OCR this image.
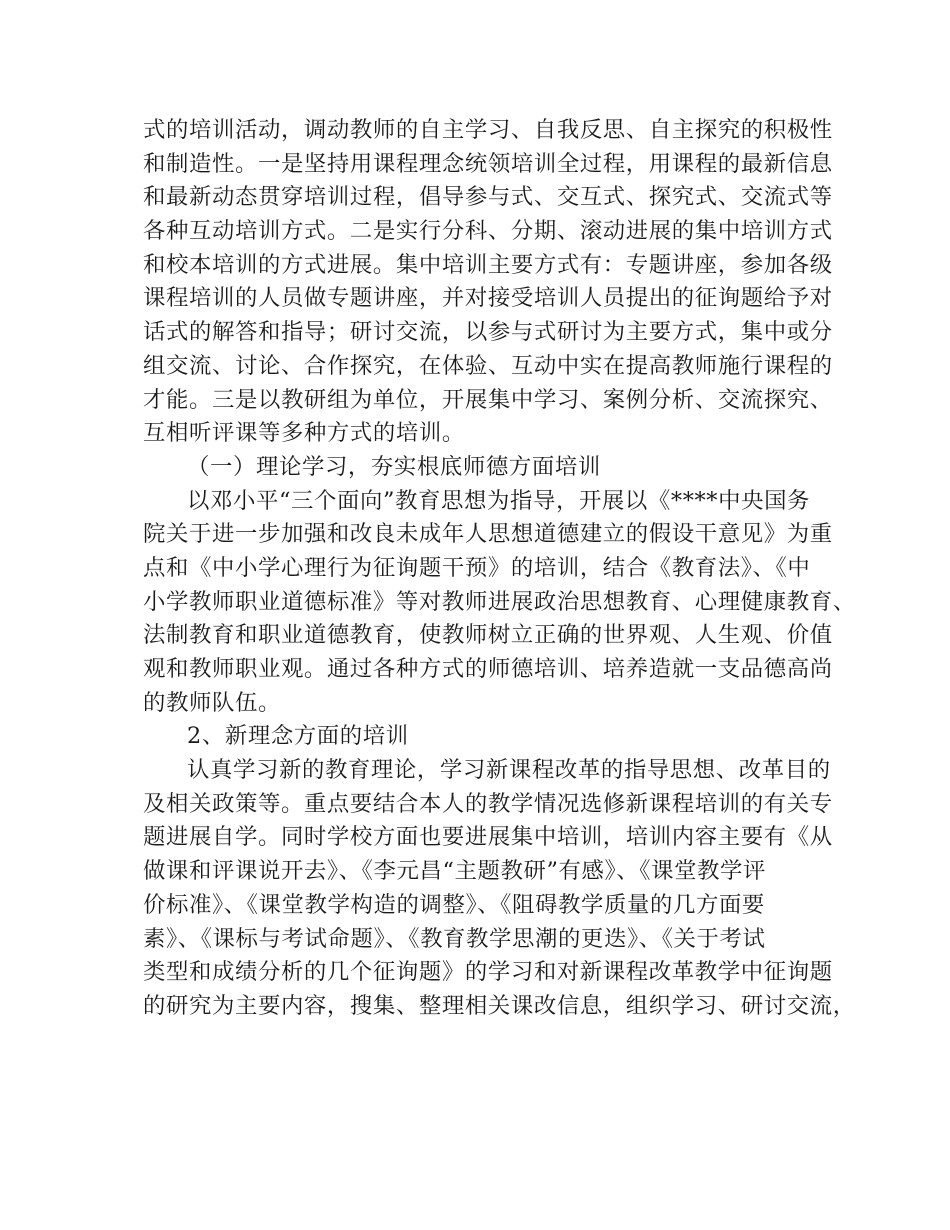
式的培训活动，调动教师的自主学习、自我反思、自主探究的积极性
和制造性。一是坚持用课程理念统领培训全过程，用课程的最新信息
和最新动态贯穿培训过程，倡导参与式、交互式、探究式、交流式等
各种互动培训方式。二是实行分科、分期、滚动进展的集中培训方式
和校本培训的方式进展。集中培训主要方式有：专题讲座，参加各级
课程培训的人员做专题讲座，并对接受培训人员提出的征询题给予对
话式的解答和指导；研讨交流，以参与式研讨为主要方式，集中或分
组交流、讨论、合作探究，在体验、互动中实在提高教师施行课程的
才能。三是以教研组为单位，开展集中学习、案例分析、交流探究、
互相听评课等多种方式的培训。
（一）理论学习，夯实根底师德方面培训
以邓小平“三个面向”教育思想为指导，开展以《****中央国务
院关于进一步加强和改良未成年人思想道德建立的假设干意见》为重
点和《中小学心理行为征询题干预》的培训，结合《教育法》、《中
小学教师职业道德标准》等对教师进展政治思想教育、心理健康教育、
法制教育和职业道德教育，使教师树立正确的世界观、人生观、价值
观和教师职业观。通过各种方式的师德培训、培养造就一支品德高尚
的教师队伍。
2、新理念方面的培训
认真学习新的教育理论，学习新课程改革的指导思想、改革目的
及相关政策等。重点要结合本人的教学情况选修新课程培训的有关专
题进展自学。同时学校方面也要进展集中培训，培训内容主要有《从
做课和评课说开去》、《李元昌“主题教研”有感》、《课堂教学评
价标准》、《课堂教学构造的调整》、《阻碍教学质量的几方面要
素》、《课标与考试命题》、《教育教学思潮的更迭》、《关于考试
类型和成绩分析的几个征询题》的学习和对新课程改革教学中征询题
的研究为主要内容，搜集、整理相关课改信息，组织学习、研讨交流，
